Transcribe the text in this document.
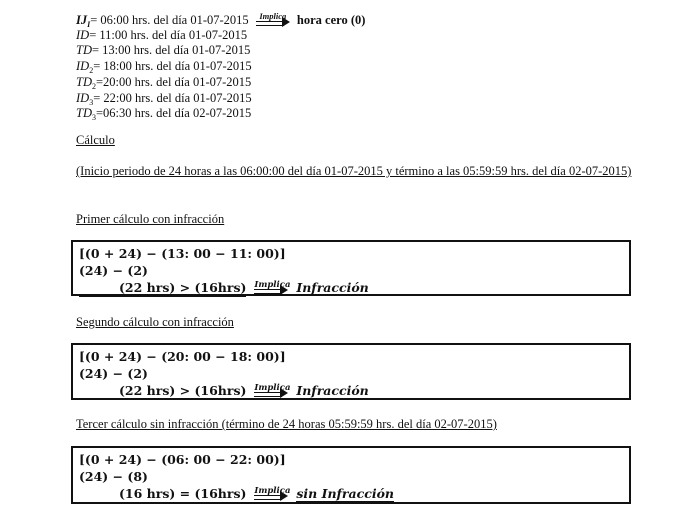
$IJ_I=$ 06:00 hrs. del día 01-07-2015	Implica hora cero (0)
ID= 11:00 hrs. del día 01-07-2015
TD= 13:00 hrs. del día 01-07-2015
$ID_2=$ 18:00 hrs. del día 01-07-2015
$TD_2=20:00$ hrs. del día 01-07-2015
$ID_3=$ 22:00 hrs. del día 01-07-2015
$TD_3=06:30$ hrs. del día 02-07-2015
Cálculo
(Inicio periodo de 24 horas a las 06:00:00 del día 01-07-2015 y término a las 05:59:59 hrs. del día 02-07-2015)
Primer cálculo con infracción
[(0 + 24) − (13: 00 − 11: 00)]
(24) − (2)
(22 hrs) > (16hrs) Implica Infracción
Segundo cálculo con infracción
[(0 + 24) − (20: 00 − 18: 00)]
(24) − (2)
(22 hrs) > (16hrs) Implica Infracción
Tercer cálculo sin infracción (término de 24 horas 05:59:59 hrs. del día 02-07-2015)
[(0 + 24) − (06: 00 − 22: 00)]
(24) − (8)
(16 hrs) = (16hrs) Implica sin Infracción
